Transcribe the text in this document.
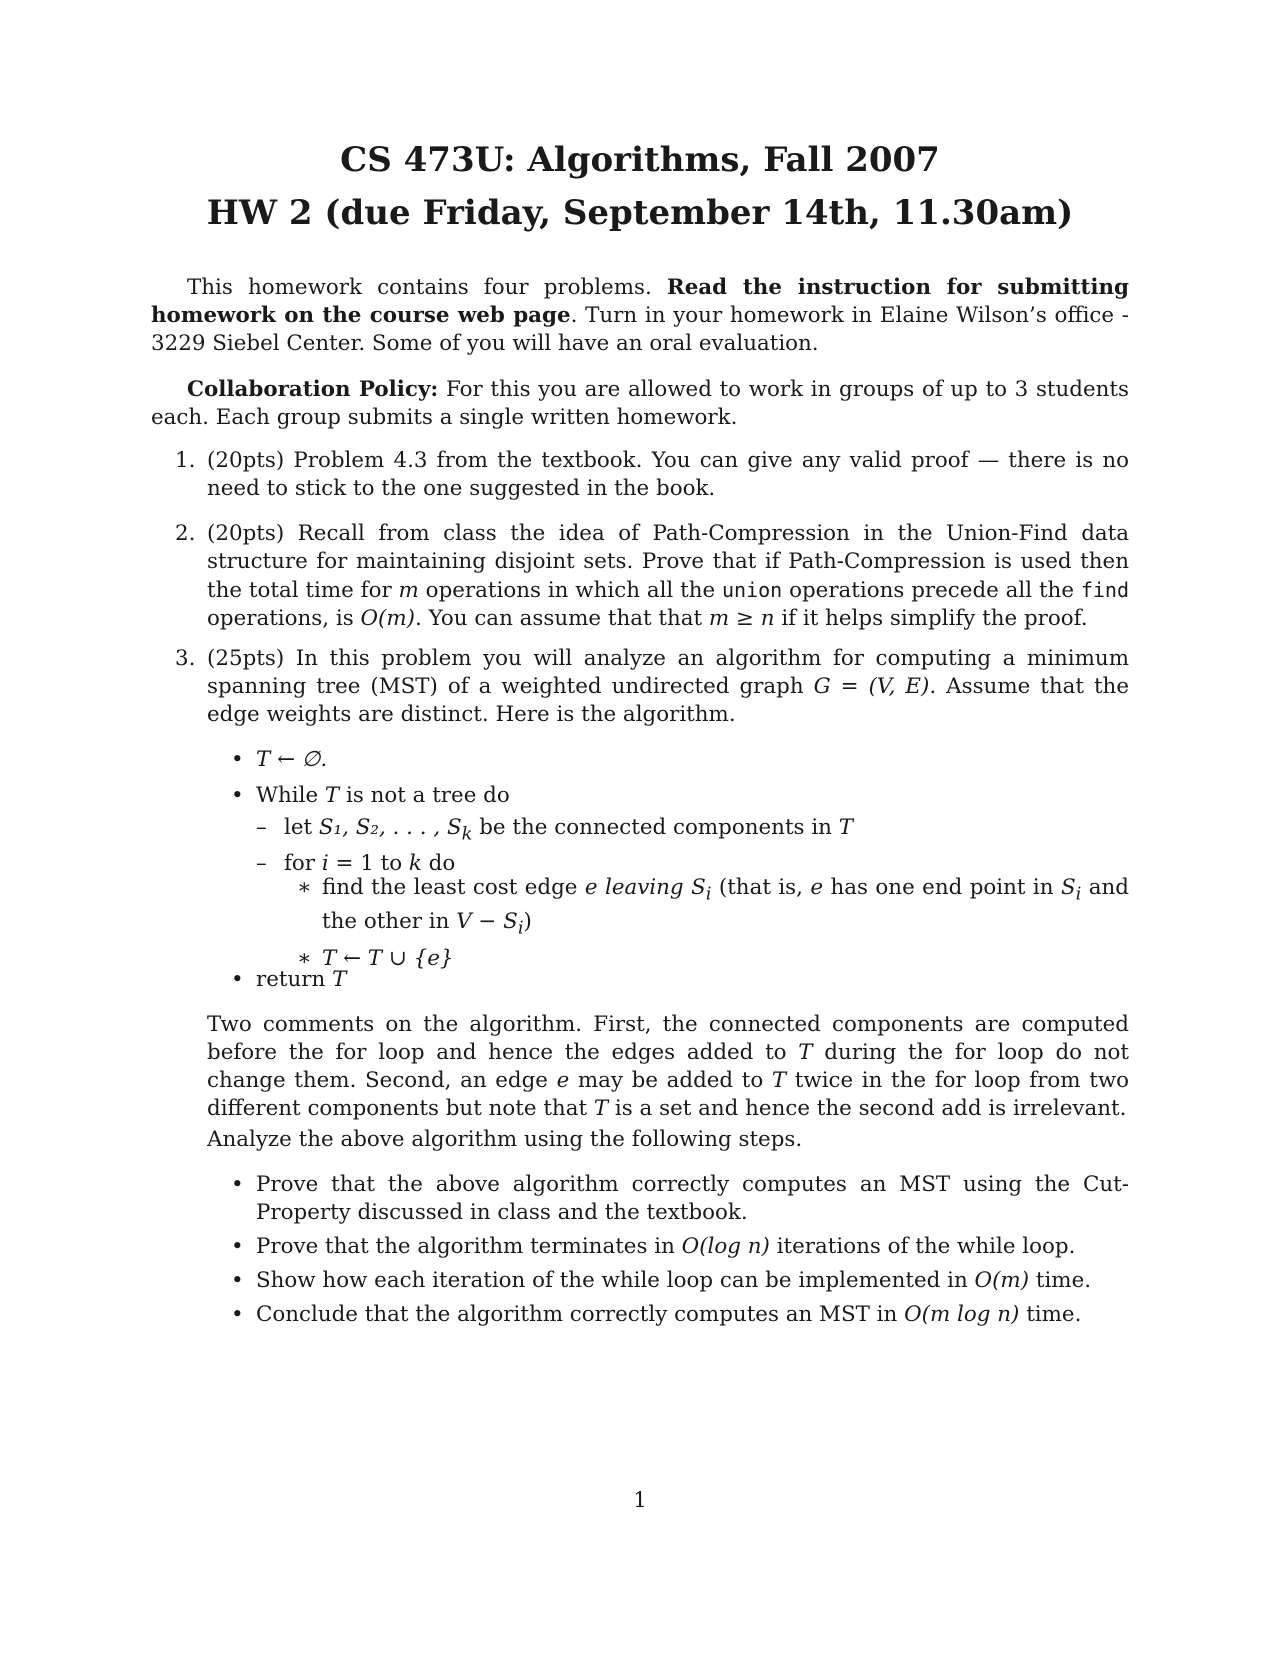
CS 473U: Algorithms, Fall 2007
HW 2 (due Friday, September 14th, 11.30am)
This homework contains four problems. Read the instruction for submitting homework on the course web page. Turn in your homework in Elaine Wilson’s office - 3229 Siebel Center. Some of you will have an oral evaluation.
Collaboration Policy: For this you are allowed to work in groups of up to 3 students each. Each group submits a single written homework.
1. (20pts) Problem 4.3 from the textbook. You can give any valid proof — there is no need to stick to the one suggested in the book.
2. (20pts) Recall from class the idea of Path-Compression in the Union-Find data structure for maintaining disjoint sets. Prove that if Path-Compression is used then the total time for m operations in which all the union operations precede all the find operations, is O(m). You can assume that that m ≥ n if it helps simplify the proof.
3. (25pts) In this problem you will analyze an algorithm for computing a minimum spanning tree (MST) of a weighted undirected graph G = (V, E). Assume that the edge weights are distinct. Here is the algorithm.
• T ← ∅.
• While T is not a tree do
– let S₁, S₂, . . . , $S_k$ be the connected components in T
– for i = 1 to k do
∗ find the least cost edge e leaving $S_i$ (that is, e has one end point in $S_i$ and the other in $V - S_i$)
∗ T ← T ∪ {e}
• return T
Two comments on the algorithm. First, the connected components are computed before the for loop and hence the edges added to T during the for loop do not change them. Second, an edge e may be added to T twice in the for loop from two different components but note that T is a set and hence the second add is irrelevant.
Analyze the above algorithm using the following steps.
• Prove that the above algorithm correctly computes an MST using the Cut-Property discussed in class and the textbook.
• Prove that the algorithm terminates in O(log n) iterations of the while loop.
• Show how each iteration of the while loop can be implemented in O(m) time.
• Conclude that the algorithm correctly computes an MST in O(m log n) time.
1
